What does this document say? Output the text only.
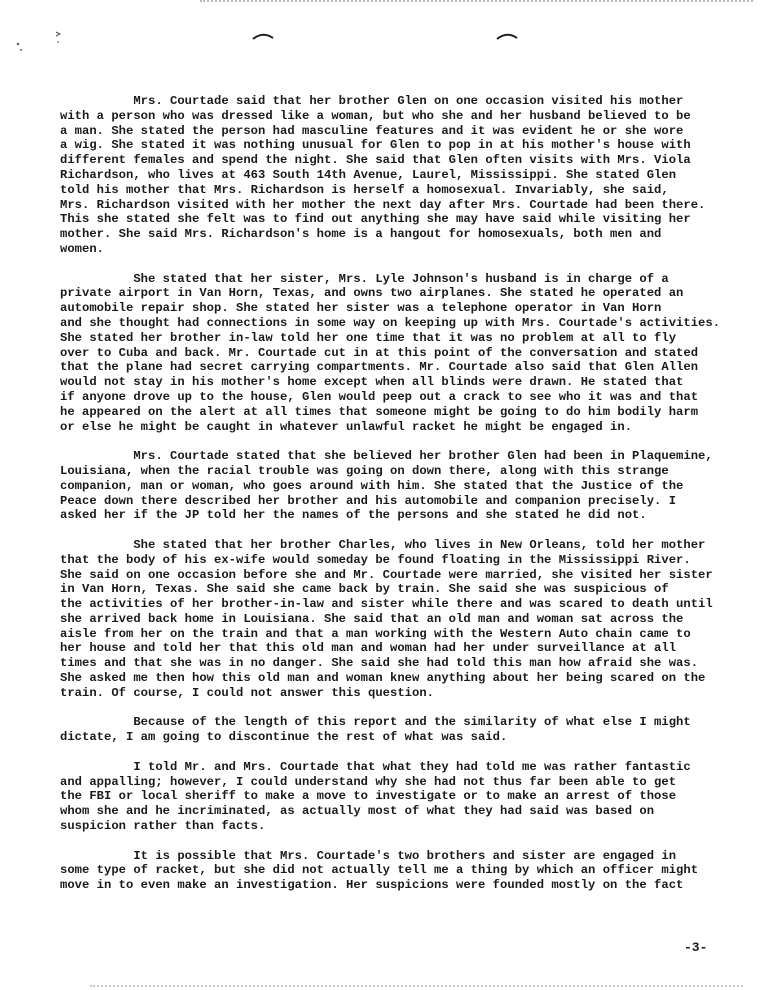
Mrs. Courtade said that her brother Glen on one occasion visited his mother
with a person who was dressed like a woman, but who she and her husband believed to be
a man. She stated the person had masculine features and it was evident he or she wore
a wig. She stated it was nothing unusual for Glen to pop in at his mother's house with
different females and spend the night. She said that Glen often visits with Mrs. Viola
Richardson, who lives at 463 South 14th Avenue, Laurel, Mississippi. She stated Glen
told his mother that Mrs. Richardson is herself a homosexual. Invariably, she said,
Mrs. Richardson visited with her mother the next day after Mrs. Courtade had been there.
This she stated she felt was to find out anything she may have said while visiting her
mother. She said Mrs. Richardson's home is a hangout for homosexuals, both men and
women.

She stated that her sister, Mrs. Lyle Johnson's husband is in charge of a
private airport in Van Horn, Texas, and owns two airplanes. She stated he operated an
automobile repair shop. She stated her sister was a telephone operator in Van Horn
and she thought had connections in some way on keeping up with Mrs. Courtade's activities.
She stated her brother in-law told her one time that it was no problem at all to fly
over to Cuba and back. Mr. Courtade cut in at this point of the conversation and stated
that the plane had secret carrying compartments. Mr. Courtade also said that Glen Allen
would not stay in his mother's home except when all blinds were drawn. He stated that
if anyone drove up to the house, Glen would peep out a crack to see who it was and that
he appeared on the alert at all times that someone might be going to do him bodily harm
or else he might be caught in whatever unlawful racket he might be engaged in.

Mrs. Courtade stated that she believed her brother Glen had been in Plaquemine,
Louisiana, when the racial trouble was going on down there, along with this strange
companion, man or woman, who goes around with him. She stated that the Justice of the
Peace down there described her brother and his automobile and companion precisely. I
asked her if the JP told her the names of the persons and she stated he did not.

She stated that her brother Charles, who lives in New Orleans, told her mother
that the body of his ex-wife would someday be found floating in the Mississippi River.
She said on one occasion before she and Mr. Courtade were married, she visited her sister
in Van Horn, Texas. She said she came back by train. She said she was suspicious of
the activities of her brother-in-law and sister while there and was scared to death until
she arrived back home in Louisiana. She said that an old man and woman sat across the
aisle from her on the train and that a man working with the Western Auto chain came to
her house and told her that this old man and woman had her under surveillance at all
times and that she was in no danger. She said she had told this man how afraid she was.
She asked me then how this old man and woman knew anything about her being scared on the
train. Of course, I could not answer this question.

Because of the length of this report and the similarity of what else I might
dictate, I am going to discontinue the rest of what was said.

I told Mr. and Mrs. Courtade that what they had told me was rather fantastic
and appalling; however, I could understand why she had not thus far been able to get
the FBI or local sheriff to make a move to investigate or to make an arrest of those
whom she and he incriminated, as actually most of what they had said was based on
suspicion rather than facts.

It is possible that Mrs. Courtade's two brothers and sister are engaged in
some type of racket, but she did not actually tell me a thing by which an officer might
move in to even make an investigation. Her suspicions were founded mostly on the fact

-3-
